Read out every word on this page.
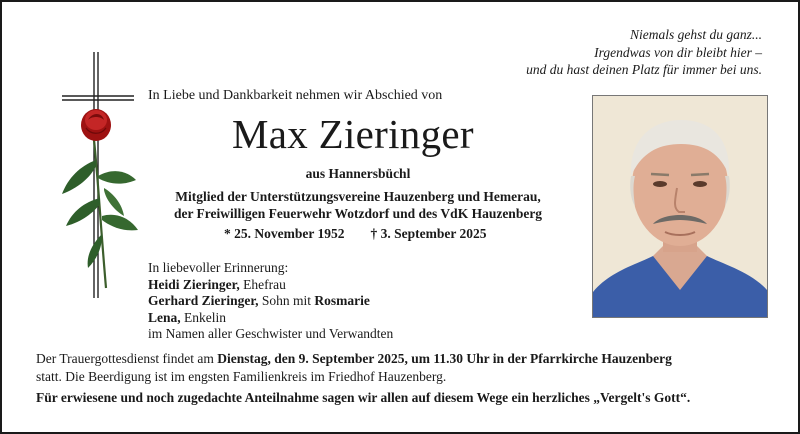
Niemals gehst du ganz...
Irgendwas von dir bleibt hier –
und du hast deinen Platz für immer bei uns.
In Liebe und Dankbarkeit nehmen wir Abschied von
Max Zieringer
aus Hannersbüchl
Mitglied der Unterstützungsvereine Hauzenberg und Hemerau,
der Freiwilligen Feuerwehr Wotzdorf und des VdK Hauzenberg
* 25. November 1952 † 3. September 2025
In liebevoller Erinnerung:
Heidi Zieringer, Ehefrau
Gerhard Zieringer, Sohn mit Rosmarie
Lena, Enkelin
im Namen aller Geschwister und Verwandten
Der Trauergottesdienst findet am Dienstag, den 9. September 2025, um 11.30 Uhr in der Pfarrkirche Hauzenberg
statt. Die Beerdigung ist im engsten Familienkreis im Friedhof Hauzenberg.
Für erwiesene und noch zugedachte Anteilnahme sagen wir allen auf diesem Wege ein herzliches „Vergelt's Gott“.
